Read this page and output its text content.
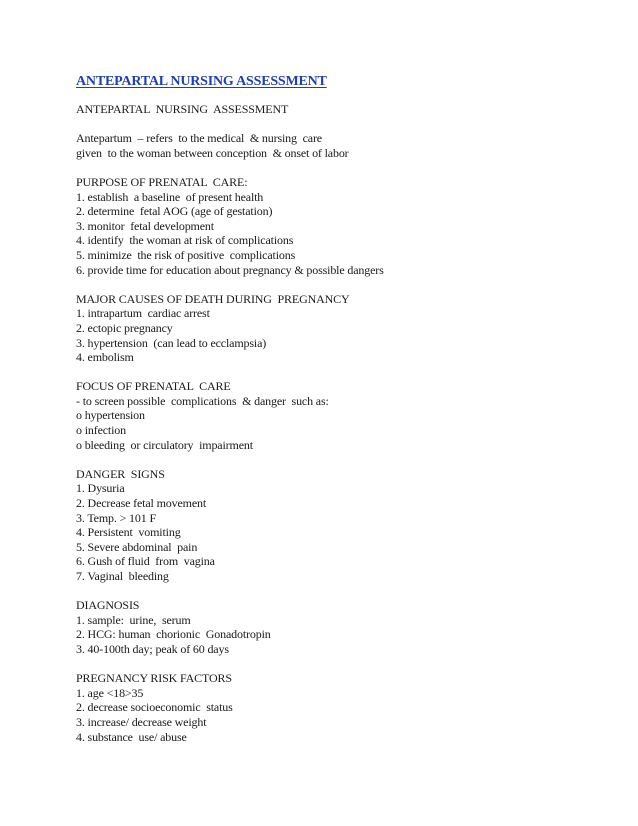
ANTEPARTAL NURSING ASSESSMENT
ANTEPARTAL  NURSING  ASSESSMENT
Antepartum  – refers  to the medical  & nursing  care
given  to the woman between conception  & onset of labor
PURPOSE OF PRENATAL  CARE:
1. establish  a baseline  of present health
2. determine  fetal AOG (age of gestation)
3. monitor  fetal development
4. identify  the woman at risk of complications
5. minimize  the risk of positive  complications
6. provide time for education about pregnancy & possible dangers
MAJOR CAUSES OF DEATH DURING  PREGNANCY
1. intrapartum  cardiac arrest
2. ectopic pregnancy
3. hypertension  (can lead to ecclampsia)
4. embolism
FOCUS OF PRENATAL  CARE
- to screen possible  complications  & danger  such as:
o hypertension
o infection
o bleeding  or circulatory  impairment
DANGER  SIGNS
1. Dysuria
2. Decrease fetal movement
3. Temp. > 101 F
4. Persistent  vomiting
5. Severe abdominal  pain
6. Gush of fluid  from  vagina
7. Vaginal  bleeding
DIAGNOSIS
1. sample:  urine,  serum
2. HCG: human  chorionic  Gonadotropin
3. 40-100th day; peak of 60 days
PREGNANCY RISK FACTORS
1. age <18>35
2. decrease socioeconomic  status
3. increase/ decrease weight
4. substance  use/ abuse
